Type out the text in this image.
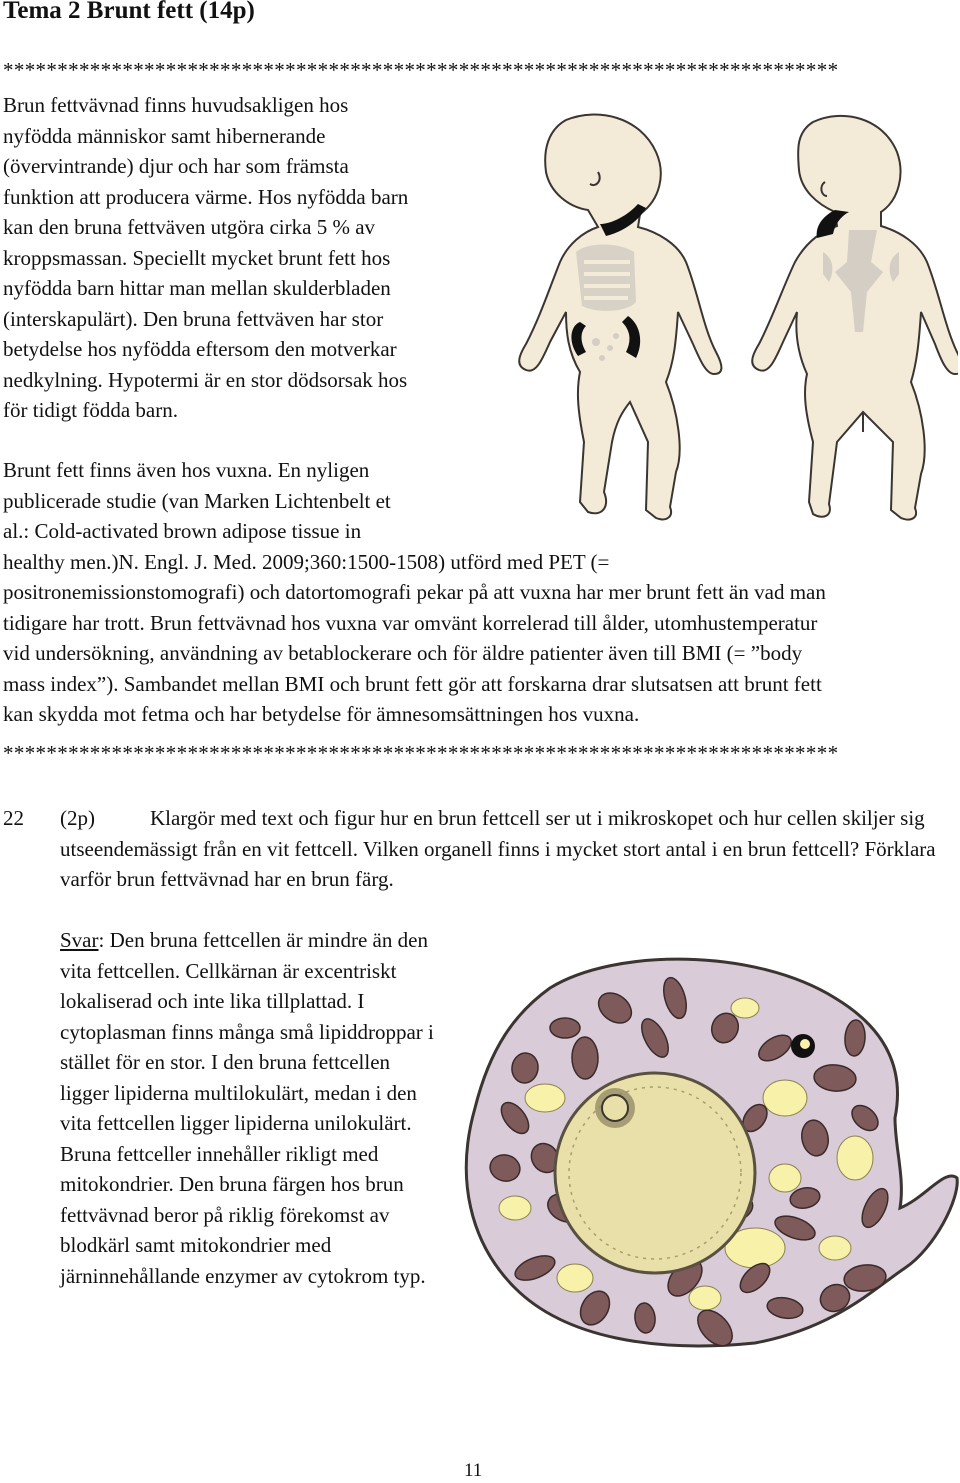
Tema 2 Brunt fett (14p)
*****************************************************************************

Brun fettvävnad finns huvudsakligen hos
nyfödda människor samt hibernerande
(övervintrande) djur och har som främsta
funktion att producera värme. Hos nyfödda barn
kan den bruna fettväven utgöra cirka 5 % av
kroppsmassan. Speciellt mycket brunt fett hos
nyfödda barn hittar man mellan skulderbladen
(interskapulärt). Den bruna fettväven har stor
betydelse hos nyfödda eftersom den motverkar
nedkylning. Hypotermi är en stor dödsorsak hos
för tidigt födda barn.

Brunt fett finns även hos vuxna. En nyligen
publicerade studie (van Marken Lichtenbelt et
al.: Cold-activated brown adipose tissue in
healthy men.)N. Engl. J. Med. 2009;360:1500-1508) utförd med PET (=
positronemissionstomografi) och datortomografi pekar på att vuxna har mer brunt fett än vad man
tidigare har trott. Brun fettvävnad hos vuxna var omvänt korrelerad till ålder, utomhustemperatur
vid undersökning, användning av betablockerare och för äldre patienter även till BMI (= ”body
mass index”). Sambandet mellan BMI och brunt fett gör att forskarna drar slutsatsen att brunt fett
kan skydda mot fetma och har betydelse för ämnesomsättningen hos vuxna.

*****************************************************************************
22 (2p)	Klargör med text och figur hur en brun fettcell ser ut i mikroskopet och hur cellen skiljer sig utseendemässigt från en vit fettcell. Vilken organell finns i mycket stort antal i en brun fettcell? Förklara varför brun fettvävnad har en brun färg.

Svar: Den bruna fettcellen är mindre än den vita fettcellen. Cellkärnan är excentriskt lokaliserad och inte lika tillplattad. I cytoplasman finns många små lipiddroppar i stället för en stor. I den bruna fettcellen ligger lipiderna multilokulärt, medan i den vita fettcellen ligger lipiderna unilokulärt. Bruna fettceller innehåller rikligt med mitokondrier. Den bruna färgen hos brun fettvävnad beror på riklig förekomst av blodkärl samt mitokondrier med järninnehållande enzymer av cytokrom typ.

11
